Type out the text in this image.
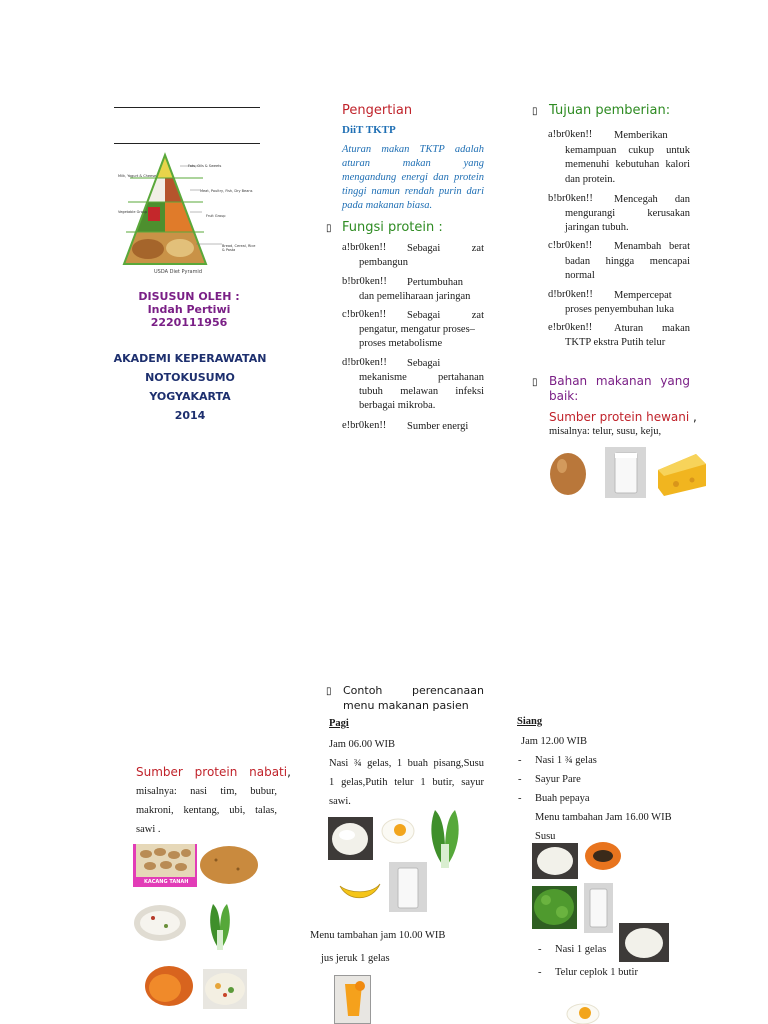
Fats, Oils & Sweets
Milk, Yogurt & Cheese
Meat, Poultry, Fish, Dry Beans
Vegetable Group
Fruit Group
Bread, Cereal, Rice & Pasta
USDA Diet Pyramid
DISUSUN OLEH :
Indah Pertiwi
2220111956
AKADEMI KEPERAWATAN
NOTOKUSUMO
YOGYAKARTA
2014
Pengertian
DiiT TKTP
Aturan makan TKTP adalah
aturan makan yang
mengandung energi dan protein
tinggi namun rendah purin dari
pada makanan biasa.
▯ Fungsi protein :
a!br0ken!! Sebagai zat
pembangun
b!br0ken!! Pertumbuhan
dan pemeliharaan jaringan
c!br0ken!! Sebagai zat
pengatur, mengatur proses–
proses metabolisme
d!br0ken!! Sebagai
mekanisme pertahanan
tubuh melawan infeksi
berbagai mikroba.
e!br0ken!! Sumber energi
▯ Tujuan pemberian:
a!br0ken!! Memberikan
kemampuan cukup untuk
memenuhi kebutuhan kalori
dan protein.
b!br0ken!! Mencegah dan
mengurangi kerusakan
jaringan tubuh.
c!br0ken!! Menambah berat
badan hingga mencapai
normal
d!br0ken!! Mempercepat
proses penyembuhan luka
e!br0ken!! Aturan makan
TKTP ekstra Putih telur
▯ Bahan makanan yang
baik:
Sumber protein hewani ,
misalnya: telur, susu, keju,
Sumber protein nabati,
misalnya: nasi tim, bubur,
makroni, kentang, ubi, talas,
sawi .
KACANG TANAH
▯ Contoh perencanaan
menu makanan pasien
Pagi
Jam 06.00 WIB
Nasi ¾ gelas, 1 buah pisang,Susu
1 gelas,Putih telur 1 butir, sayur
sawi.
Menu tambahan jam 10.00 WIB
jus jeruk 1 gelas
Siang
Jam 12.00 WIB
- Nasi 1 ¾ gelas
- Sayur Pare
- Buah pepaya
Menu tambahan Jam 16.00 WIB
Susu
- Nasi 1 gelas
- Telur ceplok 1 butir
